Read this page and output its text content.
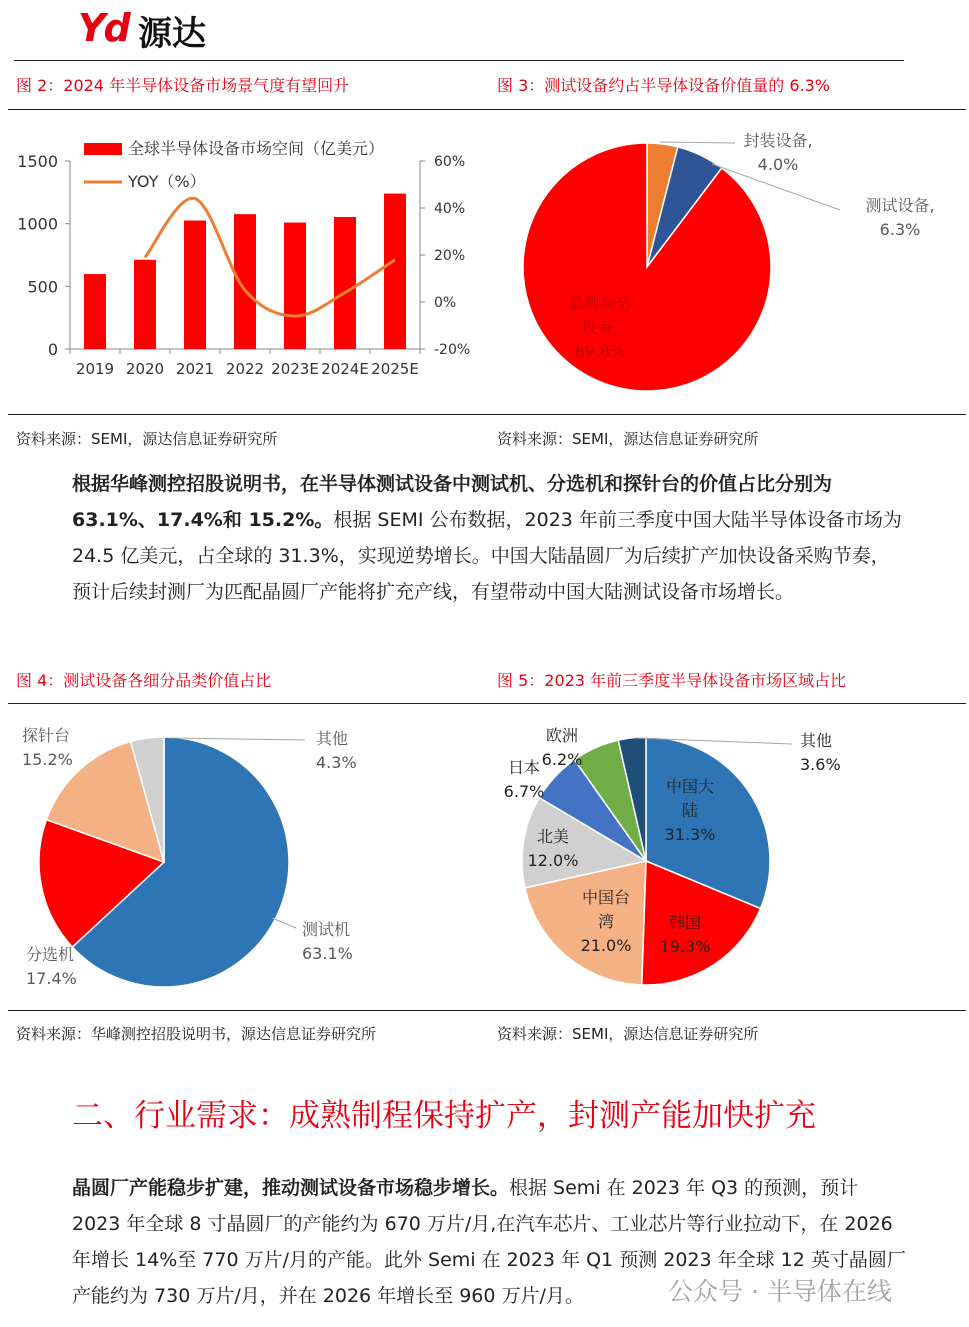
Yd 源达
图 2：2024 年半导体设备市场景气度有望回升	图 3：测试设备约占半导体设备价值量的 6.3%
0
500
1000
1500
-20%
0%
20%
40%
60%
2019 2020 2021 2022 2023E 2024E 2025E
全球半导体设备市场空间（亿美元）
YOY（%）
封装设备, 4.0%
测试设备, 6.3%
晶圆制造设备, 89.8%
资料来源：SEMI，源达信息证券研究所	资料来源：SEMI，源达信息证券研究所
根据华峰测控招股说明书，在半导体测试设备中测试机、分选机和探针台的价值占比分别为 63.1%、17.4%和 15.2%。根据 SEMI 公布数据，2023 年前三季度中国大陆半导体设备市场为 24.5 亿美元，占全球的 31.3%，实现逆势增长。中国大陆晶圆厂为后续扩产加快设备采购节奏，预计后续封测厂为匹配晶圆厂产能将扩充产线，有望带动中国大陆测试设备市场增长。
图 4：测试设备各细分品类价值占比	图 5：2023 年前三季度半导体设备市场区域占比
其他 4.3%
测试机 63.1%
分选机 17.4%
探针台 15.2%
中国大陆 31.3%
韩国 19.3%
中国台湾 21.0%
北美 12.0%
日本 6.7%
欧洲 6.2%
其他 3.6%
资料来源：华峰测控招股说明书，源达信息证券研究所	资料来源：SEMI，源达信息证券研究所
二、行业需求：成熟制程保持扩产，封测产能加快扩充
晶圆厂产能稳步扩建，推动测试设备市场稳步增长。根据 Semi 在 2023 年 Q3 的预测，预计 2023 年全球 8 寸晶圆厂的产能约为 670 万片/月,在汽车芯片、工业芯片等行业拉动下，在 2026 年增长 14%至 770 万片/月的产能。此外 Semi 在 2023 年 Q1 预测 2023 年全球 12 英寸晶圆厂产能约为 730 万片/月，并在 2026 年增长至 960 万片/月。	公众号 · 半导体在线
